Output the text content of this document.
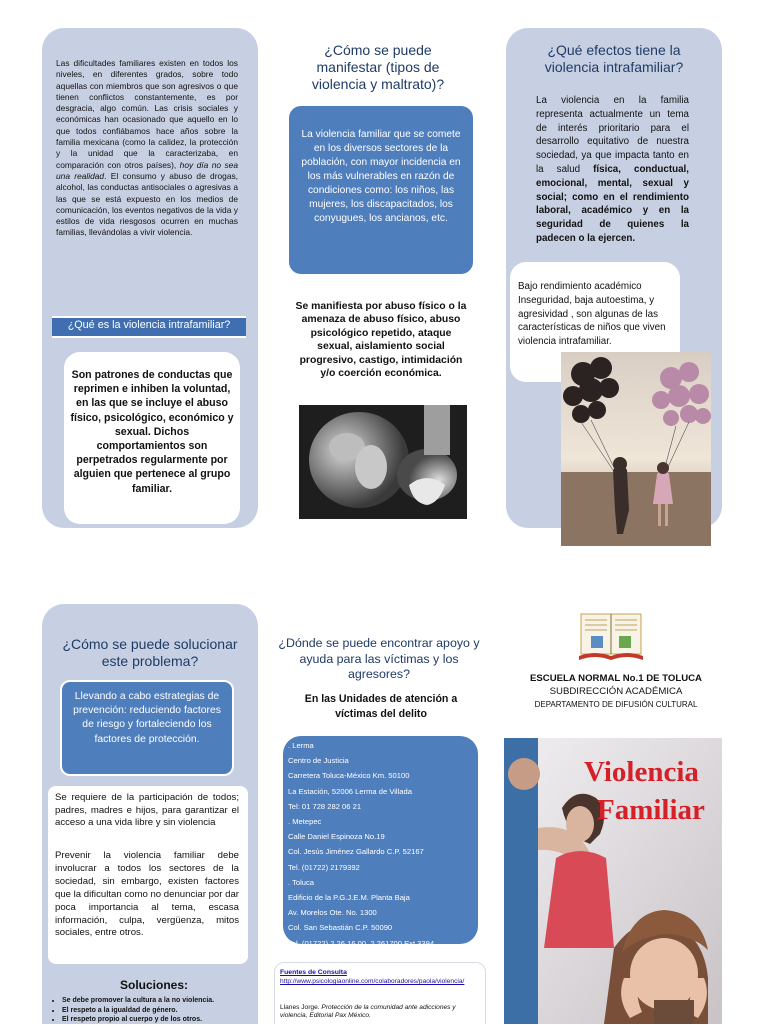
Las dificultades familiares existen en todos los niveles, en diferentes grados, sobre todo aquellas con miembros que son agresivos o que tienen conflictos constantemente, es por desgracia, algo común. Las crisis sociales y económicas han ocasionado que aquello en lo que todos confiábamos hace años sobre la familia mexicana (como la calidez, la protección y la unidad que la caracterizaba, en comparación con otros países), hoy día no sea una realidad. El consumo y abuso de drogas, alcohol, las conductas antisociales o agresivas a las que se está expuesto en los medios de comunicación, los eventos negativos de la vida y estilos de vida riesgosos ocurren en muchas familias, llevándolas a vivir violencia.
¿Qué es la violencia intrafamiliar?
Son patrones de conductas que reprimen e inhiben la voluntad, en las que se incluye el abuso físico, psicológico, económico y sexual. Dichos comportamientos son perpetrados regularmente por alguien que pertenece al grupo familiar.
¿Cómo se puede manifestar (tipos de violencia y maltrato)?
La violencia familiar que se comete en los diversos sectores de la población, con mayor incidencia en los más vulnerables en razón de condiciones como: los niños, las mujeres, los discapacitados, los conyugues, los ancianos, etc.
Se manifiesta por abuso físico o la amenaza de abuso físico, abuso psicológico repetido, ataque sexual, aislamiento social progresivo, castigo, intimidación y/o coerción económica.
¿Qué efectos tiene la violencia intrafamiliar?
La violencia en la familia representa actualmente un tema de interés prioritario para el desarrollo equitativo de nuestra sociedad, ya que impacta tanto en la salud física, conductual, emocional, mental, sexual y social; como en el rendimiento laboral, académico y en la seguridad de quienes la padecen o la ejercen.
Bajo rendimiento académico Inseguridad, baja autoestima, y agresividad , son algunas de las características de niños que viven violencia intrafamiliar.
¿Cómo se puede solucionar este problema?
Llevando a cabo estrategias de prevención: reduciendo factores de riesgo y fortaleciendo los factores de protección.
Se requiere de la participación de todos; padres, madres e hijos, para garantizar el acceso a una vida libre y sin violencia
Prevenir la violencia familiar debe involucrar a todos los sectores de la sociedad, sin embargo, existen factores que la dificultan como no denunciar por dar poca importancia al tema, escasa información, culpa, vergüenza, mitos sociales, entre otros.
Soluciones:
• Se debe promover la cultura a la no violencia.
• El respeto a la igualdad de género.
• El respeto propio al cuerpo y de los otros.
¿Dónde se puede encontrar apoyo y ayuda para las víctimas y los agresores?
En las Unidades de atención a víctimas del delito
. Lerma
Centro de Justicia
Carretera Toluca-México Km. 50100
La Estación, 52006 Lerma de Villada
Tel: 01 728 282 06 21
. Metepec
Calle Daniel Espinoza No.19
Col. Jesús Jiménez Gallardo C.P. 52167
Tel. (01722) 2179392
. Toluca
Edificio de la P.G.J.E.M. Planta Baja
Av. Morelos Ote. No. 1300
Col. San Sebastián C.P. 50090
Tel. (01722) 2 26 16 00, 2 261700 Ext.3394
Fuentes de Consulta
http://www.psicologiaonline.com/colaboradores/paola/violencia/
Llanes Jorge. Protección de la comunidad ante adicciones y violencia, Editorial Pax México.
ESCUELA NORMAL No.1 DE TOLUCA
SUBDIRECCIÓN ACADÉMICA
DEPARTAMENTO DE DIFUSIÓN CULTURAL
Violencia
Familiar
